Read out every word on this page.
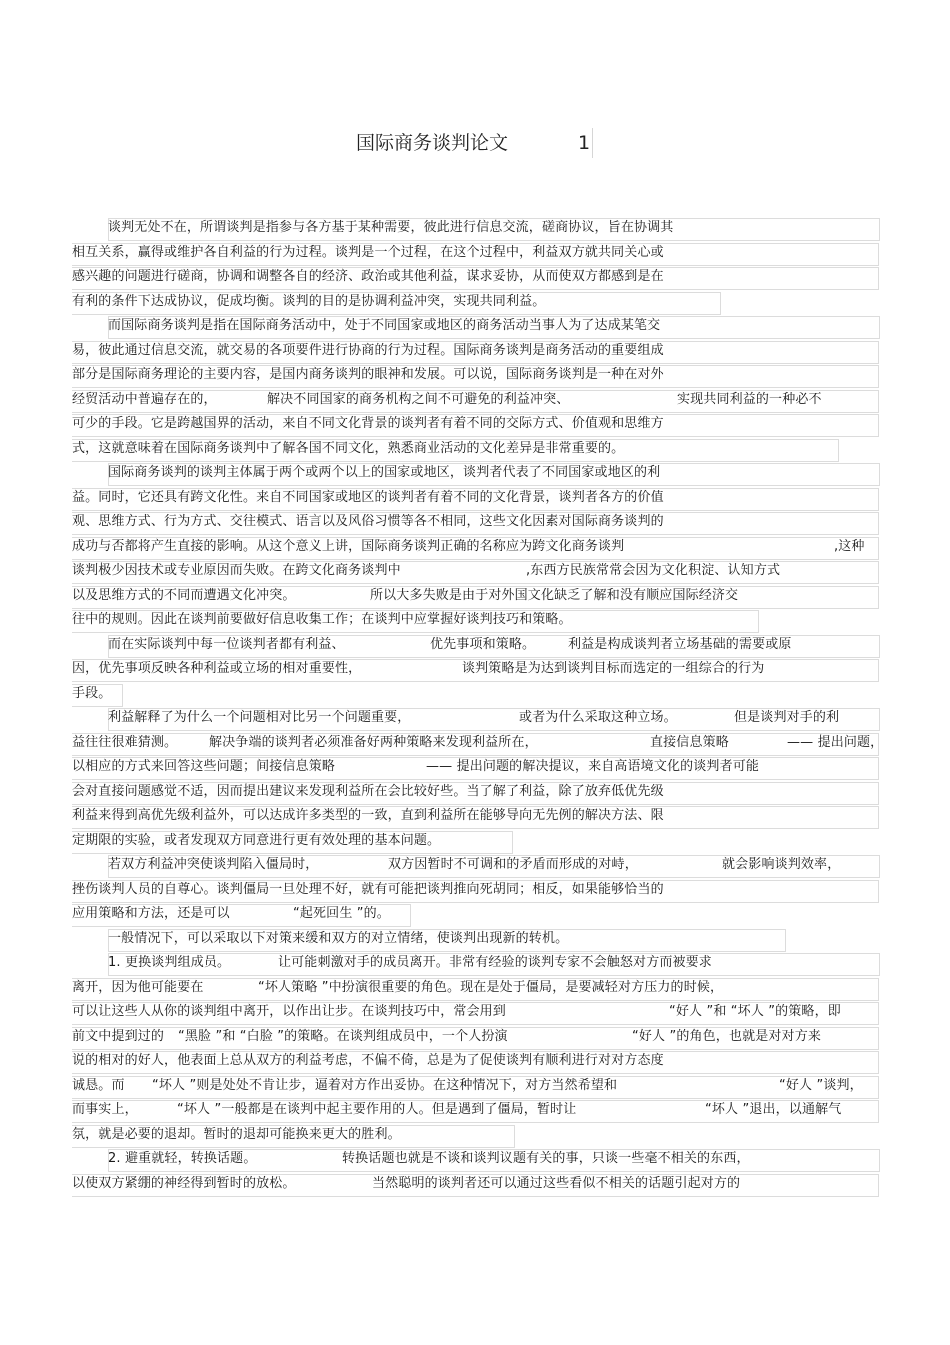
国际商务谈判论文	1
谈判无处不在，所谓谈判是指参与各方基于某种需要，彼此进行信息交流，磋商协议，旨在协调其
相互关系，赢得或维护各自利益的行为过程。谈判是一个过程，在这个过程中，利益双方就共同关心或
感兴趣的问题进行磋商，协调和调整各自的经济、政治或其他利益，谋求妥协，从而使双方都感到是在
有利的条件下达成协议，促成均衡。谈判的目的是协调利益冲突，实现共同利益。
而国际商务谈判是指在国际商务活动中，处于不同国家或地区的商务活动当事人为了达成某笔交
易，彼此通过信息交流，就交易的各项要件进行协商的行为过程。国际商务谈判是商务活动的重要组成
部分是国际商务理论的主要内容，是国内商务谈判的眼神和发展。可以说，国际商务谈判是一种在对外
经贸活动中普遍存在的，	解决不同国家的商务机构之间不可避免的利益冲突、	实现共同利益的一种必不
可少的手段。它是跨越国界的活动，来自不同文化背景的谈判者有着不同的交际方式、价值观和思维方
式，这就意味着在国际商务谈判中了解各国不同文化，熟悉商业活动的文化差异是非常重要的。
国际商务谈判的谈判主体属于两个或两个以上的国家或地区，谈判者代表了不同国家或地区的利
益。同时，它还具有跨文化性。来自不同国家或地区的谈判者有着不同的文化背景，谈判者各方的价值
观、思维方式、行为方式、交往模式、语言以及风俗习惯等各不相同，这些文化因素对国际商务谈判的
成功与否都将产生直接的影响。从这个意义上讲，国际商务谈判正确的名称应为跨文化商务谈判	,这种
谈判极少因技术或专业原因而失败。在跨文化商务谈判中	,东西方民族常常会因为文化积淀、认知方式
以及思维方式的不同而遭遇文化冲突。	所以大多失败是由于对外国文化缺乏了解和没有顺应国际经济交
往中的规则。因此在谈判前要做好信息收集工作；在谈判中应掌握好谈判技巧和策略。
而在实际谈判中每一位谈判者都有利益、	优先事项和策略。	利益是构成谈判者立场基础的需要或原
因，优先事项反映各种利益或立场的相对重要性，	谈判策略是为达到谈判目标而选定的一组综合的行为
手段。
利益解释了为什么一个问题相对比另一个问题重要，	或者为什么采取这种立场。	但是谈判对手的利
益往往很难猜测。 解决争端的谈判者必须准备好两种策略来发现利益所在，	直接信息策略	—— 提出问题，
以相应的方式来回答这些问题；间接信息策略	—— 提出问题的解决提议，来自高语境文化的谈判者可能
会对直接问题感觉不适，因而提出建议来发现利益所在会比较好些。当了解了利益，除了放弃低优先级
利益来得到高优先级利益外，可以达成许多类型的一致，直到利益所在能够导向无先例的解决方法、限
定期限的实验，或者发现双方同意进行更有效处理的基本问题。
若双方利益冲突使谈判陷入僵局时，	双方因暂时不可调和的矛盾而形成的对峙，	就会影响谈判效率，
挫伤谈判人员的自尊心。谈判僵局一旦处理不好，就有可能把谈判推向死胡同；相反，如果能够恰当的
应用策略和方法，还是可以	“起死回生 ”的。
一般情况下，可以采取以下对策来缓和双方的对立情绪，使谈判出现新的转机。
1. 更换谈判组成员。	让可能刺激对手的成员离开。非常有经验的谈判专家不会触怒对方而被要求
离开，因为他可能要在	“坏人策略 ”中扮演很重要的角色。现在是处于僵局，是要减轻对方压力的时候，
可以让这些人从你的谈判组中离开，以作出让步。在谈判技巧中，常会用到	“好人 ”和 “坏人 ”的策略，即
前文中提到过的 “黑脸 ”和 “白脸 ”的策略。在谈判组成员中，一个人扮演	“好人 ”的角色，也就是对对方来
说的相对的好人，他表面上总从双方的利益考虑，不偏不倚，总是为了促使谈判有顺利进行对对方态度
诚恳。而 “坏人 ”则是处处不肯让步，逼着对方作出妥协。在这种情况下，对方当然希望和	“好人 ”谈判，
而事实上，	“坏人 ”一般都是在谈判中起主要作用的人。但是遇到了僵局，暂时让	“坏人 ”退出，以通解气
氛，就是必要的退却。暂时的退却可能换来更大的胜利。
2. 避重就轻，转换话题。	转换话题也就是不谈和谈判议题有关的事，只谈一些毫不相关的东西，
以使双方紧绷的神经得到暂时的放松。	当然聪明的谈判者还可以通过这些看似不相关的话题引起对方的
